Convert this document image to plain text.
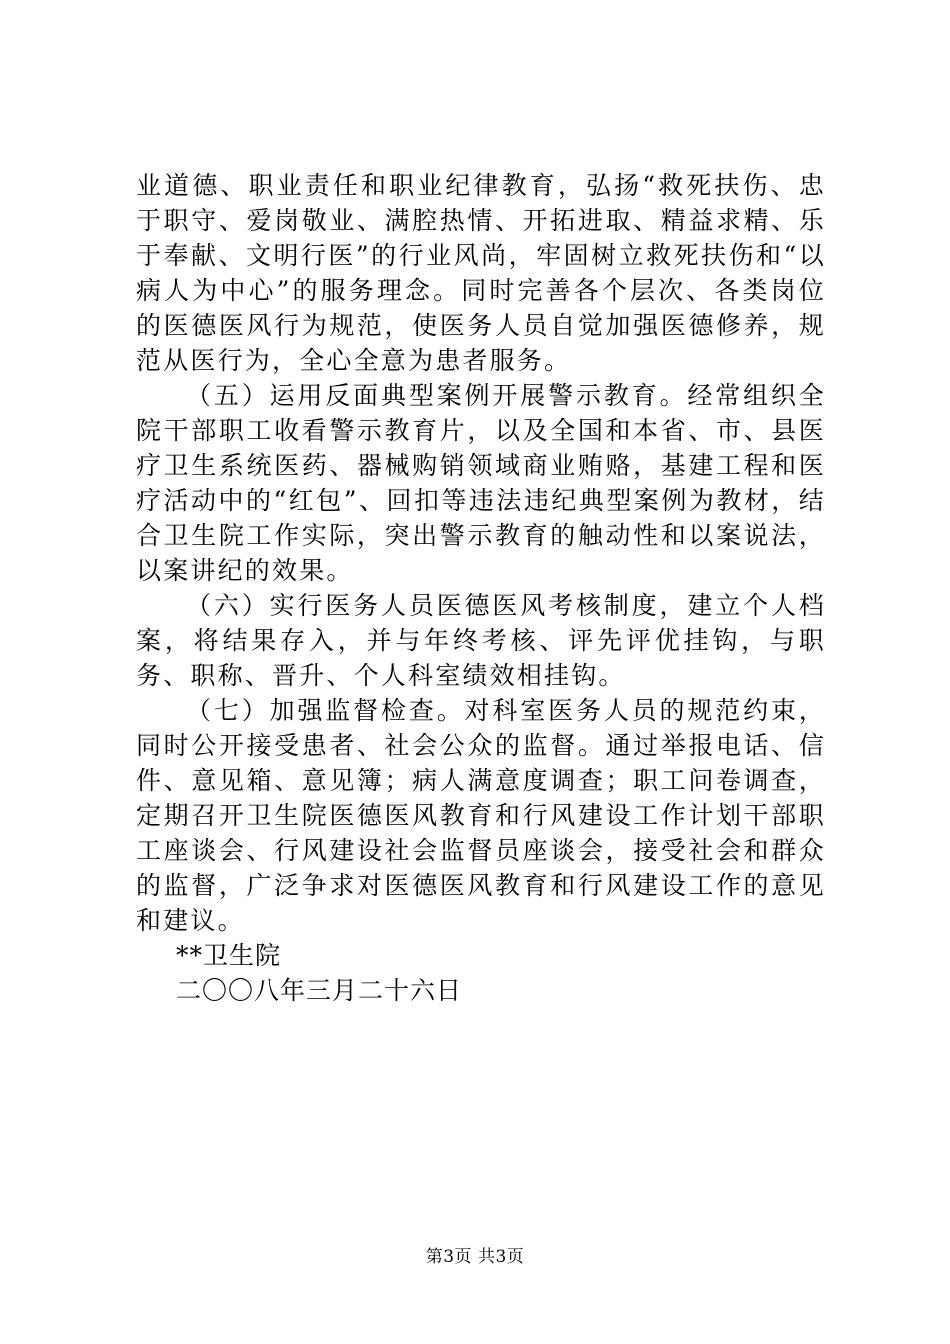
业道德、职业责任和职业纪律教育，弘扬“救死扶伤、忠于职守、爱岗敬业、满腔热情、开拓进取、精益求精、乐于奉献、文明行医”的行业风尚，牢固树立救死扶伤和“以病人为中心”的服务理念。同时完善各个层次、各类岗位的医德医风行为规范，使医务人员自觉加强医德修养，规范从医行为，全心全意为患者服务。

（五）运用反面典型案例开展警示教育。经常组织全院干部职工收看警示教育片，以及全国和本省、市、县医疗卫生系统医药、器械购销领域商业贿赂，基建工程和医疗活动中的“红包”、回扣等违法违纪典型案例为教材，结合卫生院工作实际，突出警示教育的触动性和以案说法，以案讲纪的效果。

（六）实行医务人员医德医风考核制度，建立个人档案，将结果存入，并与年终考核、评先评优挂钩，与职务、职称、晋升、个人科室绩效相挂钩。

（七）加强监督检查。对科室医务人员的规范约束，同时公开接受患者、社会公众的监督。通过举报电话、信件、意见箱、意见簿；病人满意度调查；职工问卷调查，定期召开卫生院医德医风教育和行风建设工作计划干部职工座谈会、行风建设社会监督员座谈会，接受社会和群众的监督，广泛争求对医德医风教育和行风建设工作的意见和建议。

**卫生院

二〇〇八年三月二十六日

第3页 共3页
